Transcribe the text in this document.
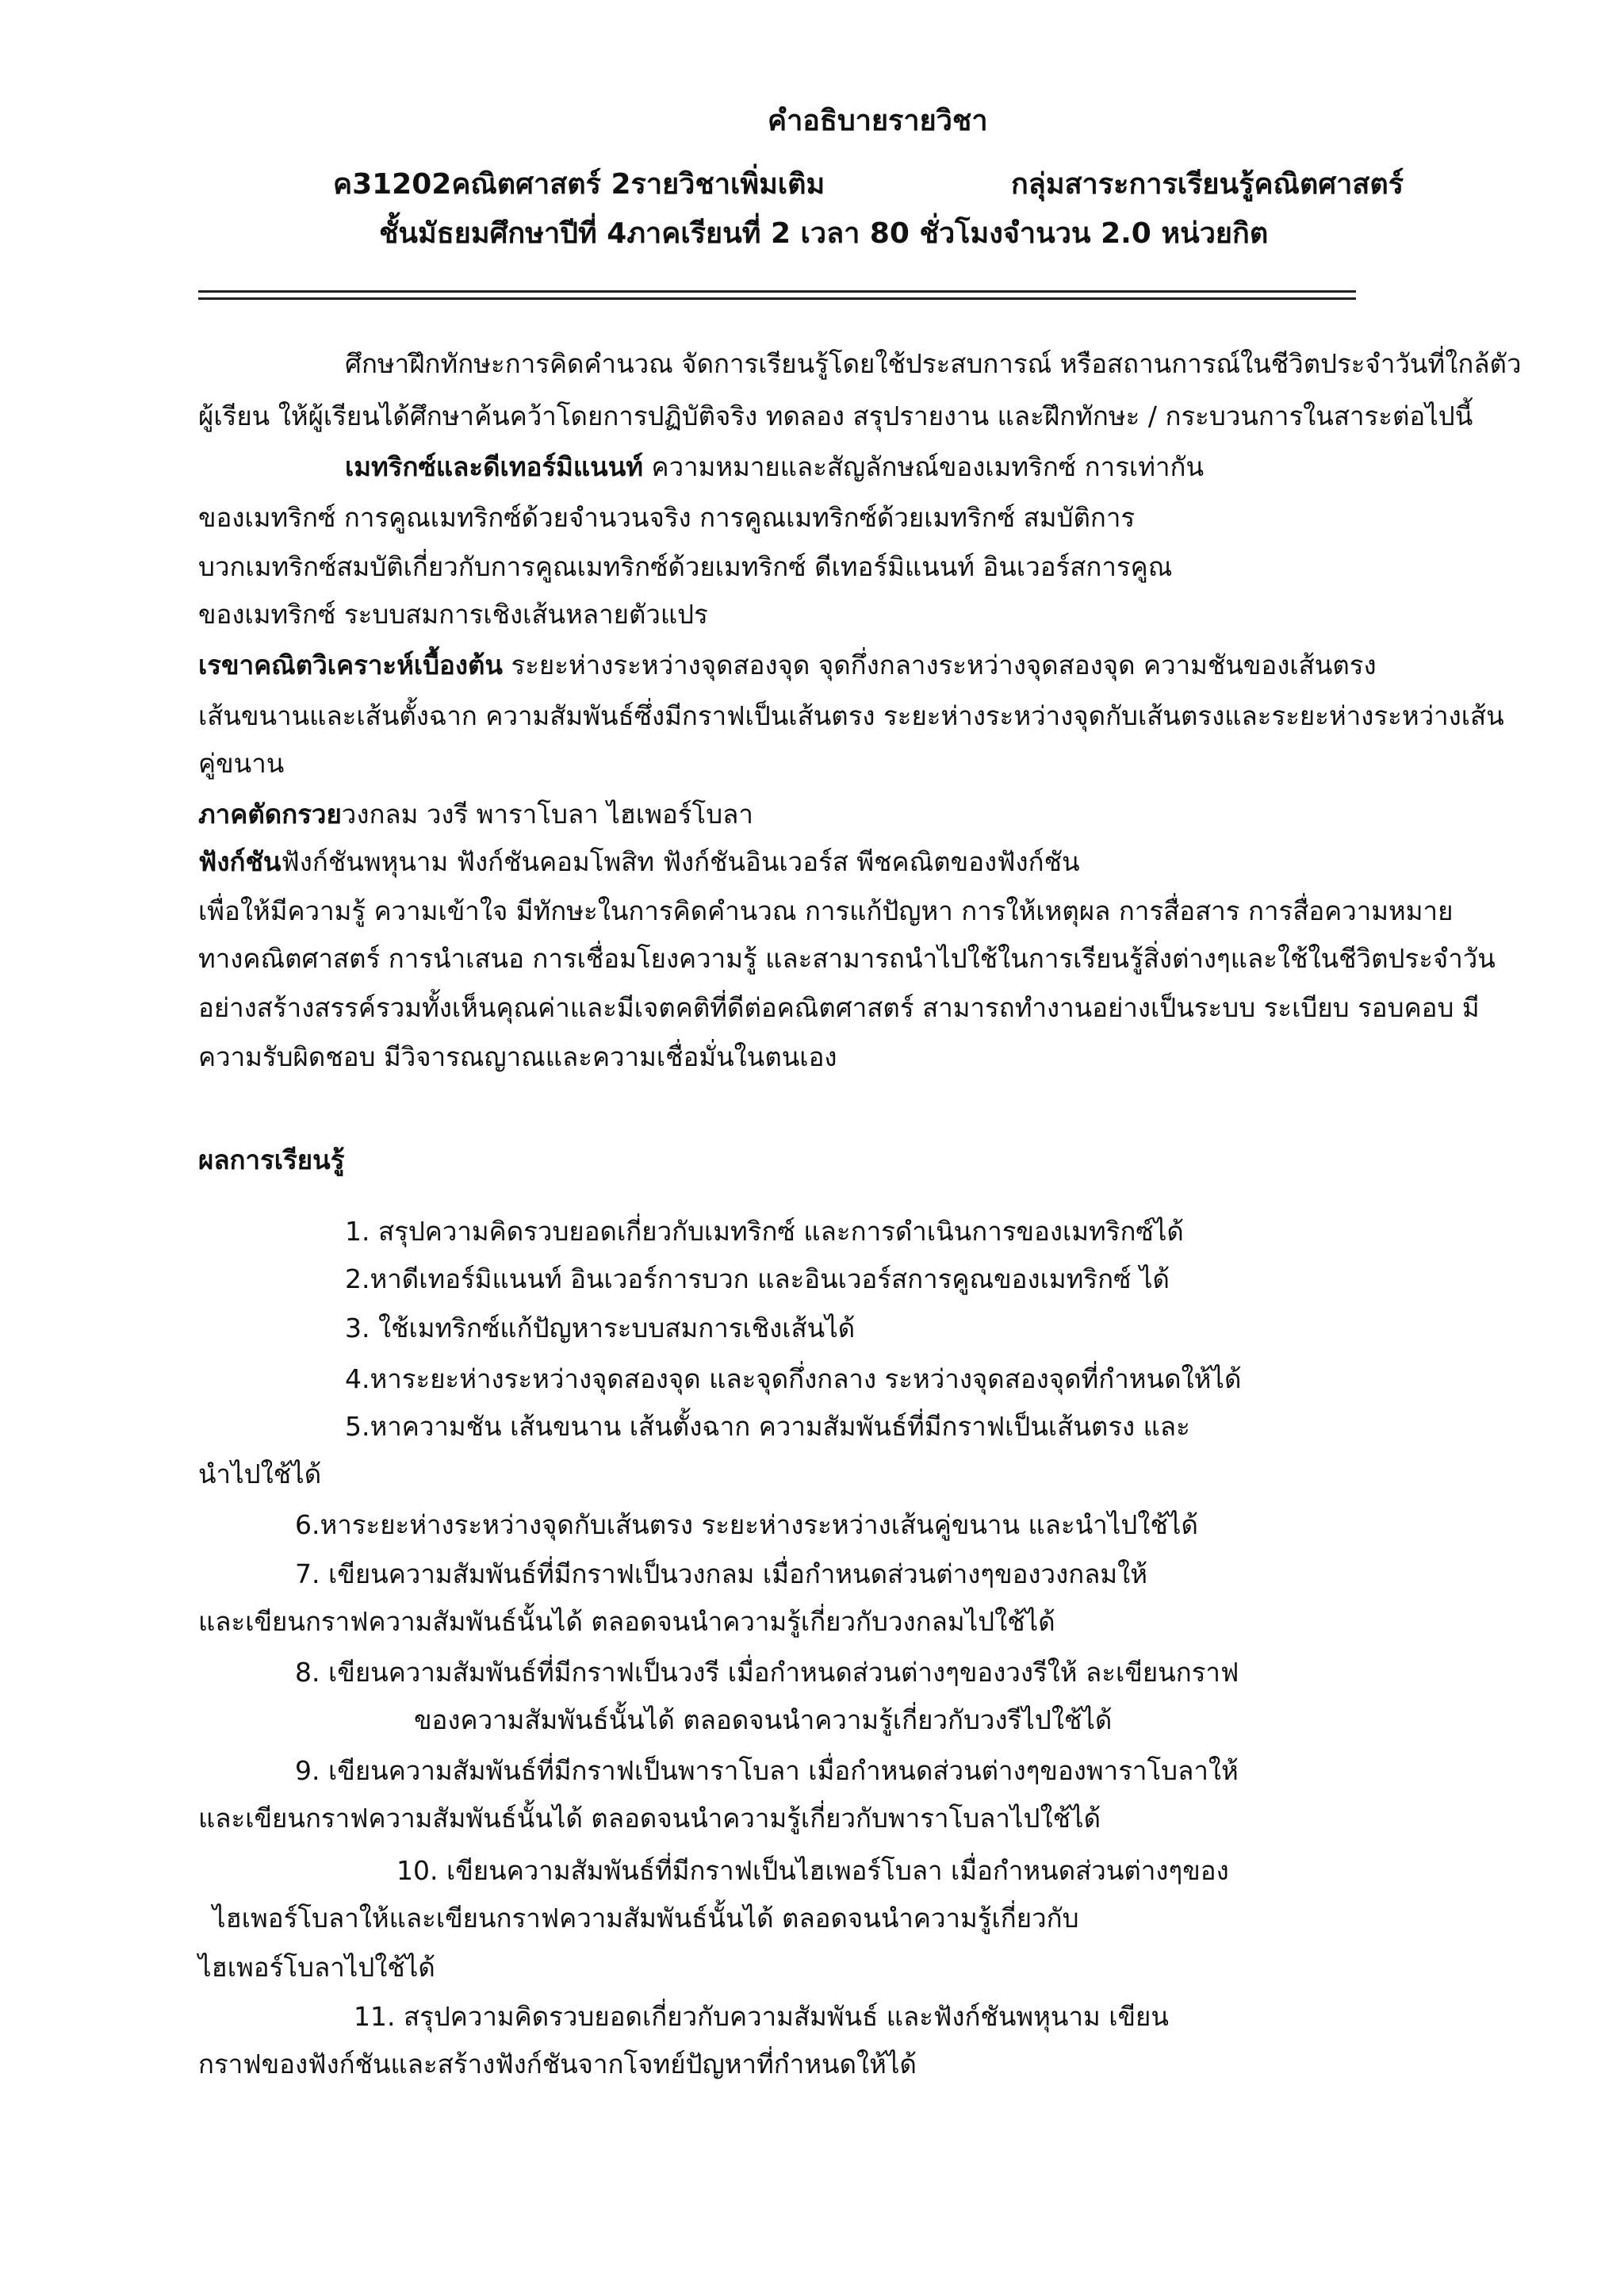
คำอธิบายรายวิชา
ค31202คณิตศาสตร์ 2รายวิชาเพิ่มเติม	กลุ่มสาระการเรียนรู้คณิตศาสตร์
ชั้นมัธยมศึกษาปีที่ 4ภาคเรียนที่ 2 เวลา 80 ชั่วโมงจำนวน 2.0 หน่วยกิต
ศึกษาฝึกทักษะการคิดคำนวณ จัดการเรียนรู้โดยใช้ประสบการณ์ หรือสถานการณ์ในชีวิตประจำวันที่ใกล้ตัว
ผู้เรียน ให้ผู้เรียนได้ศึกษาค้นคว้าโดยการปฏิบัติจริง ทดลอง สรุปรายงาน และฝึกทักษะ / กระบวนการในสาระต่อไปนี้
เมทริกซ์และดีเทอร์มิแนนท์ ความหมายและสัญลักษณ์ของเมทริกซ์ การเท่ากัน
ของเมทริกซ์ การคูณเมทริกซ์ด้วยจำนวนจริง การคูณเมทริกซ์ด้วยเมทริกซ์ สมบัติการ
บวกเมทริกซ์สมบัติเกี่ยวกับการคูณเมทริกซ์ด้วยเมทริกซ์ ดีเทอร์มิแนนท์ อินเวอร์สการคูณ
ของเมทริกซ์ ระบบสมการเชิงเส้นหลายตัวแปร
เรขาคณิตวิเคราะห์เบื้องต้น ระยะห่างระหว่างจุดสองจุด จุดกึ่งกลางระหว่างจุดสองจุด ความชันของเส้นตรง
เส้นขนานและเส้นตั้งฉาก ความสัมพันธ์ซึ่งมีกราฟเป็นเส้นตรง ระยะห่างระหว่างจุดกับเส้นตรงและระยะห่างระหว่างเส้น
คู่ขนาน
ภาคตัดกรวยวงกลม วงรี พาราโบลา ไฮเพอร์โบลา
ฟังก์ชันฟังก์ชันพหุนาม ฟังก์ชันคอมโพสิท ฟังก์ชันอินเวอร์ส พีชคณิตของฟังก์ชัน
เพื่อให้มีความรู้ ความเข้าใจ มีทักษะในการคิดคำนวณ การแก้ปัญหา การให้เหตุผล การสื่อสาร การสื่อความหมาย
ทางคณิตศาสตร์ การนำเสนอ การเชื่อมโยงความรู้ และสามารถนำไปใช้ในการเรียนรู้สิ่งต่างๆและใช้ในชีวิตประจำวัน
อย่างสร้างสรรค์รวมทั้งเห็นคุณค่าและมีเจตคติที่ดีต่อคณิตศาสตร์ สามารถทำงานอย่างเป็นระบบ ระเบียบ รอบคอบ มี
ความรับผิดชอบ มีวิจารณญาณและความเชื่อมั่นในตนเอง
ผลการเรียนรู้
1. สรุปความคิดรวบยอดเกี่ยวกับเมทริกซ์ และการดำเนินการของเมทริกซ์ได้
2.หาดีเทอร์มิแนนท์ อินเวอร์การบวก และอินเวอร์สการคูณของเมทริกซ์ ได้
3. ใช้เมทริกซ์แก้ปัญหาระบบสมการเชิงเส้นได้
4.หาระยะห่างระหว่างจุดสองจุด และจุดกึ่งกลาง ระหว่างจุดสองจุดที่กำหนดให้ได้
5.หาความชัน เส้นขนาน เส้นตั้งฉาก ความสัมพันธ์ที่มีกราฟเป็นเส้นตรง และ
นำไปใช้ได้
6.หาระยะห่างระหว่างจุดกับเส้นตรง ระยะห่างระหว่างเส้นคู่ขนาน และนำไปใช้ได้
7. เขียนความสัมพันธ์ที่มีกราฟเป็นวงกลม เมื่อกำหนดส่วนต่างๆของวงกลมให้
และเขียนกราฟความสัมพันธ์นั้นได้ ตลอดจนนำความรู้เกี่ยวกับวงกลมไปใช้ได้
8. เขียนความสัมพันธ์ที่มีกราฟเป็นวงรี เมื่อกำหนดส่วนต่างๆของวงรีให้ ละเขียนกราฟ
ของความสัมพันธ์นั้นได้ ตลอดจนนำความรู้เกี่ยวกับวงรีไปใช้ได้
9. เขียนความสัมพันธ์ที่มีกราฟเป็นพาราโบลา เมื่อกำหนดส่วนต่างๆของพาราโบลาให้
และเขียนกราฟความสัมพันธ์นั้นได้ ตลอดจนนำความรู้เกี่ยวกับพาราโบลาไปใช้ได้
10. เขียนความสัมพันธ์ที่มีกราฟเป็นไฮเพอร์โบลา เมื่อกำหนดส่วนต่างๆของ
ไฮเพอร์โบลาให้และเขียนกราฟความสัมพันธ์นั้นได้ ตลอดจนนำความรู้เกี่ยวกับ
ไฮเพอร์โบลาไปใช้ได้
11. สรุปความคิดรวบยอดเกี่ยวกับความสัมพันธ์ และฟังก์ชันพหุนาม เขียน
กราฟของฟังก์ชันและสร้างฟังก์ชันจากโจทย์ปัญหาที่กำหนดให้ได้
